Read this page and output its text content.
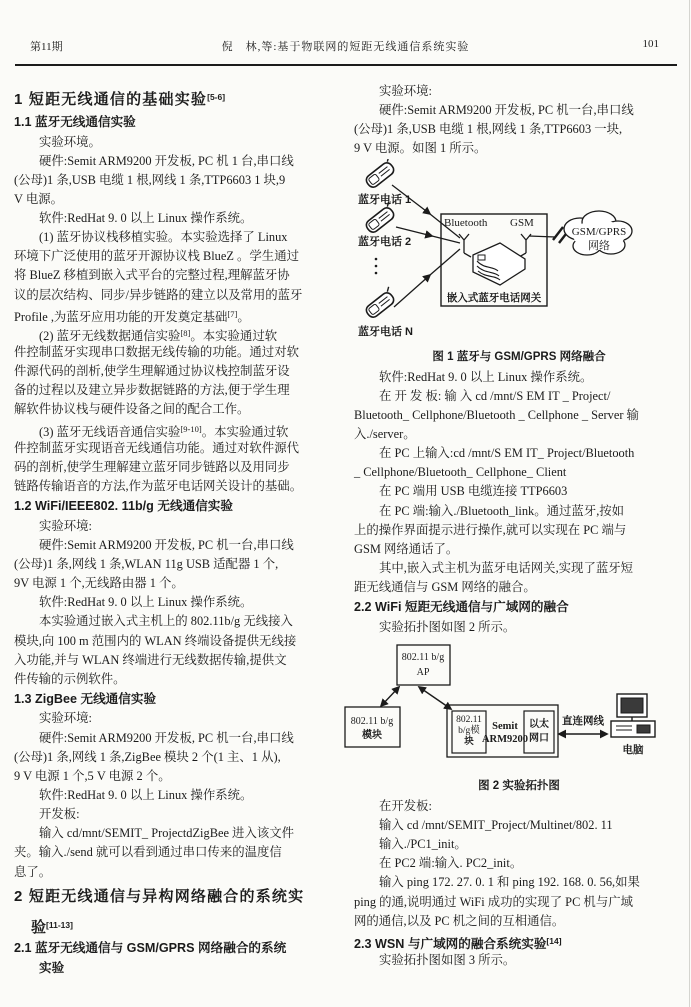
第11期	倪　林,等:基于物联网的短距无线通信系统实验	101
1 短距无线通信的基础实验[5-6]
1.1 蓝牙无线通信实验
实验环境。
硬件:Semit ARM9200 开发板, PC 机 1 台,串口线
(公母)1 条,USB 电缆 1 根,网线 1 条,TTP6603 1 块,9
V 电源。
软件:RedHat 9. 0 以上 Linux 操作系统。
(1) 蓝牙协议栈移植实验。本实验选择了 Linux
环境下广泛使用的蓝牙开源协议栈 BlueZ 。学生通过
将 BlueZ 移植到嵌入式平台的完整过程,理解蓝牙协
议的层次结构、同步/异步链路的建立以及常用的蓝牙
Profile ,为蓝牙应用功能的开发奠定基础[7]。
(2) 蓝牙无线数据通信实验[8]。本实验通过软
件控制蓝牙实现串口数据无线传输的功能。通过对软
件源代码的剖析,使学生理解通过协议栈控制蓝牙设
备的过程以及建立异步数据链路的方法,便于学生理
解软件协议栈与硬件设备之间的配合工作。
(3) 蓝牙无线语音通信实验[9-10]。本实验通过软
件控制蓝牙实现语音无线通信功能。通过对软件源代
码的剖析,使学生理解建立蓝牙同步链路以及用同步
链路传输语音的方法,作为蓝牙电话网关设计的基础。
1.2 WiFi/IEEE802. 11b/g 无线通信实验
实验环境:
硬件:Semit ARM9200 开发板, PC 机一台,串口线
(公母)1 条,网线 1 条,WLAN 11g USB 适配器 1 个,
9V 电源 1 个,无线路由器 1 个。
软件:RedHat 9. 0 以上 Linux 操作系统。
本实验通过嵌入式主机上的 802.11b/g 无线接入
模块,向 100 m 范围内的 WLAN 终端设备提供无线接
入功能,并与 WLAN 终端进行无线数据传输,提供文
件传输的示例软件。
1.3 ZigBee 无线通信实验
实验环境:
硬件:Semit ARM9200 开发板, PC 机一台,串口线
(公母)1 条,网线 1 条,ZigBee 模块 2 个(1 主、1 从),
9 V 电源 1 个,5 V 电源 2 个。
软件:RedHat 9. 0 以上 Linux 操作系统。
开发板:
输入 cd/mnt/SEMIT_ ProjectdZigBee 进入该文件
夹。输入./send 就可以看到通过串口传来的温度信
息了。
2 短距无线通信与异构网络融合的系统实
验[11-13]
2.1 蓝牙无线通信与 GSM/GPRS 网络融合的系统
实验
实验环境:
硬件:Semit ARM9200 开发板, PC 机一台,串口线
(公母)1 条,USB 电缆 1 根,网线 1 条,TTP6603 一块,
9 V 电源。如图 1 所示。
蓝牙电话 1
蓝牙电话 2
蓝牙电话 N
Bluetooth GSM
嵌入式蓝牙电话网关
GSM/GPRS
网络
图 1 蓝牙与 GSM/GPRS 网络融合
软件:RedHat 9. 0 以上 Linux 操作系统。
在 开 发 板: 输 入 cd /mnt/S EM IT _ Project/
Bluetooth_ Cellphone/Bluetooth _ Cellphone _ Server 输
入./server。
在 PC 上输入:cd /mnt/S EM IT_ Project/Bluetooth
_ Cellphone/Bluetooth_ Cellphone_ Client
在 PC 端用 USB 电缆连接 TTP6603
在 PC 端:输入./Bluetooth_link。通过蓝牙,按如
上的操作界面提示进行操作,就可以实现在 PC 端与
GSM 网络通话了。
其中,嵌入式主机为蓝牙电话网关,实现了蓝牙短
距无线通信与 GSM 网络的融合。
2.2 WiFi 短距无线通信与广域网的融合
实验拓扑图如图 2 所示。
802.11 b/g
AP
802.11 b/g
模块
802.11
b/g模
块
Semit
ARM9200
以太
网口
直连网线
电脑
图 2 实验拓扑图
在开发板:
输入 cd /mnt/SEMIT_Project/Multinet/802. 11
输入./PC1_init。
在 PC2 端:输入. PC2_init。
输入 ping 172. 27. 0. 1 和 ping 192. 168. 0. 56,如果
ping 的通,说明通过 WiFi 成功的实现了 PC 机与广域
网的通信,以及 PC 机之间的互相通信。
2.3 WSN 与广域网的融合系统实验[14]
实验拓扑图如图 3 所示。
